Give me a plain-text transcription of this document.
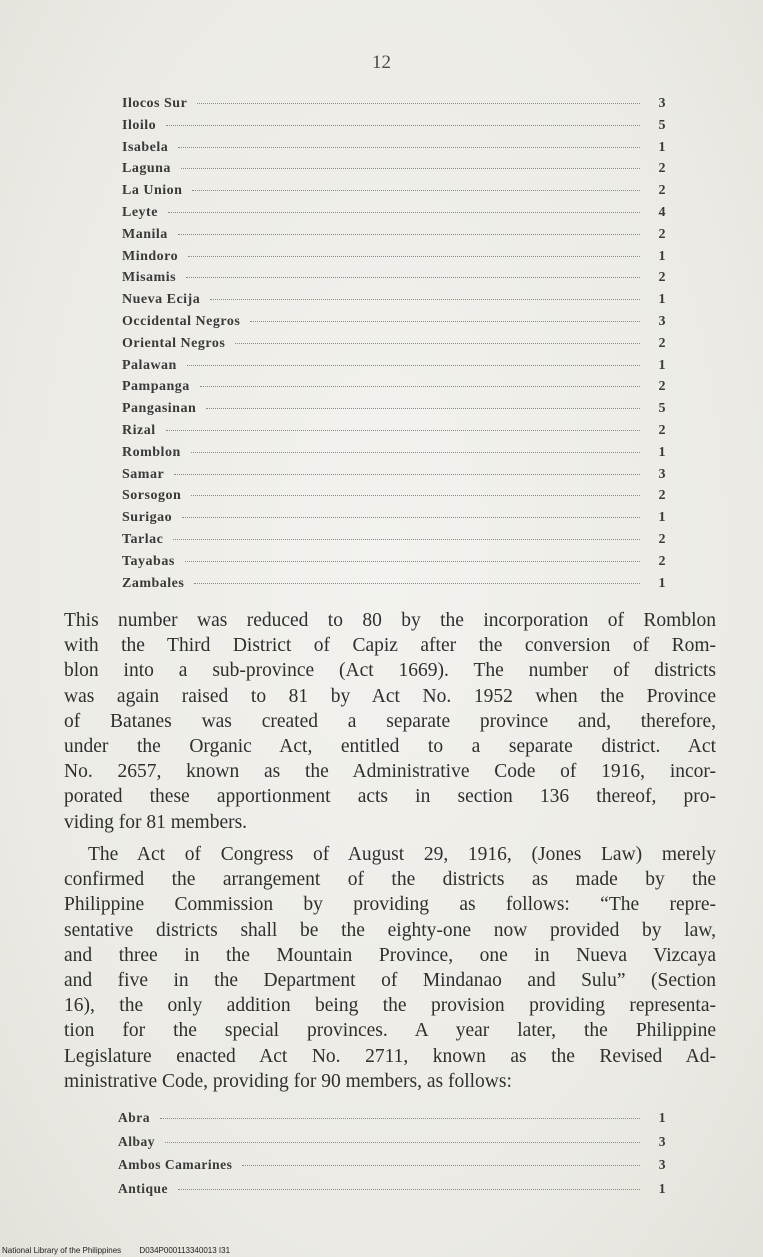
12
Ilocos Sur	3
Iloilo	5
Isabela	1
Laguna	2
La Union	2
Leyte	4
Manila	2
Mindoro	1
Misamis	2
Nueva Ecija	1
Occidental Negros	3
Oriental Negros	2
Palawan	1
Pampanga	2
Pangasinan	5
Rizal	2
Romblon	1
Samar	3
Sorsogon	2
Surigao	1
Tarlac	2
Tayabas	2
Zambales	1
This number was reduced to 80 by the incorporation of Romblon
with the Third District of Capiz after the conversion of Rom-
blon into a sub-province (Act 1669). The number of districts
was again raised to 81 by Act No. 1952 when the Province
of Batanes was created a separate province and, therefore,
under the Organic Act, entitled to a separate district. Act
No. 2657, known as the Administrative Code of 1916, incor-
porated these apportionment acts in section 136 thereof, pro-
viding for 81 members.
The Act of Congress of August 29, 1916, (Jones Law) merely
confirmed the arrangement of the districts as made by the
Philippine Commission by providing as follows: “The repre-
sentative districts shall be the eighty-one now provided by law,
and three in the Mountain Province, one in Nueva Vizcaya
and five in the Department of Mindanao and Sulu” (Section
16), the only addition being the provision providing representa-
tion for the special provinces. A year later, the Philippine
Legislature enacted Act No. 2711, known as the Revised Ad-
ministrative Code, providing for 90 members, as follows:
Abra	1
Albay	3
Ambos Camarines	3
Antique	1
National Library of the Philippines D034P000113340013 I31
